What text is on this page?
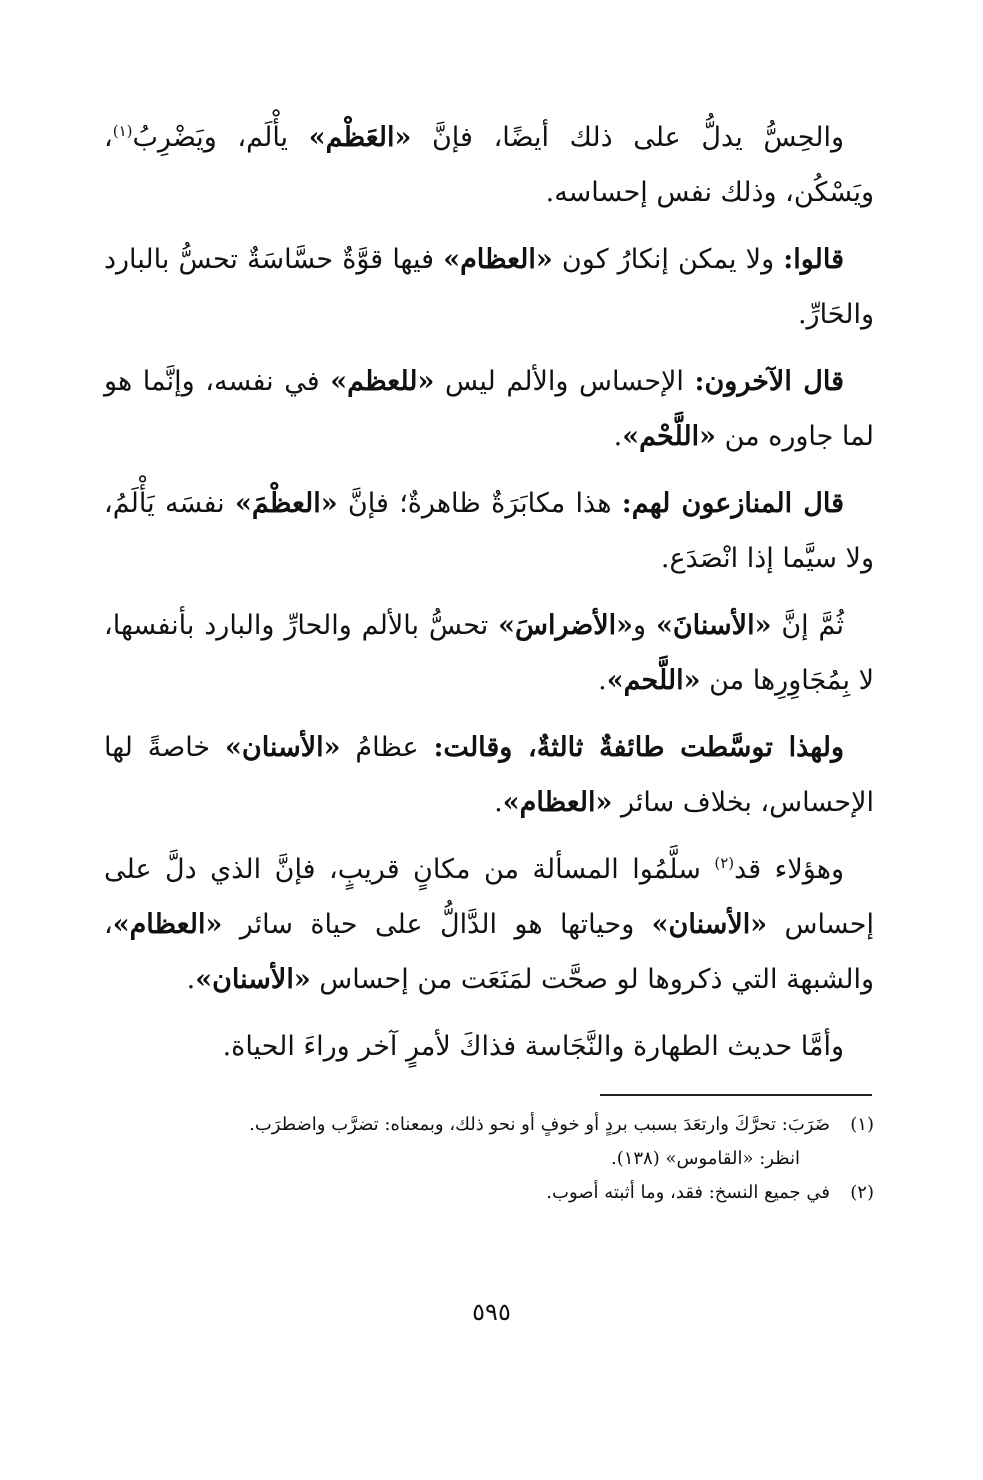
والحِسُّ يدلُّ على ذلك أيضًا، فإنَّ «العَظْم» يأْلَم، ويَضْرِبُ$^{(١)}$، ويَسْكُن، وذلك نفس إحساسه.

قالوا: ولا يمكن إنكارُ كون «العظام» فيها قوَّةٌ حسَّاسَةٌ تحسُّ بالبارد والحَارِّ.

قال الآخرون: الإحساس والألم ليس «للعظم» في نفسه، وإنَّما هو لما جاوره من «اللَّحْم».

قال المنازعون لهم: هذا مكابَرَةٌ ظاهرةٌ؛ فإنَّ «العظْمَ» نفسَه يَأْلَمُ، ولا سيَّما إذا انْصَدَع.

ثُمَّ إنَّ «الأسنانَ» و«الأضراسَ» تحسُّ بالألم والحارِّ والبارد بأنفسها، لا بِمُجَاوِرِها من «اللَّحم».

ولهذا توسَّطت طائفةٌ ثالثةٌ، وقالت: عظامُ «الأسنان» خاصةً لها الإحساس، بخلاف سائر «العظام».

وهؤلاء قد$^{(٢)}$ سلَّمُوا المسألة من مكانٍ قريبٍ، فإنَّ الذي دلَّ على إحساس «الأسنان» وحياتها هو الدَّالُّ على حياة سائر «العظام»، والشبهة التي ذكروها لو صحَّت لمَنَعَت من إحساس «الأسنان».

وأمَّا حديث الطهارة والنَّجَاسة فذاكَ لأمرٍ آخر وراءَ الحياة.

(١)
ضَرَبَ: تحرَّكَ وارتعَدَ بسبب بردٍ أو خوفٍ أو نحو ذلك، وبمعناه: تضرَّب واضطرَب.
انظر: «القاموس» (١٣٨).
(٢)
في جميع النسخ: فقد، وما أثبته أصوب.
٥٩٥
